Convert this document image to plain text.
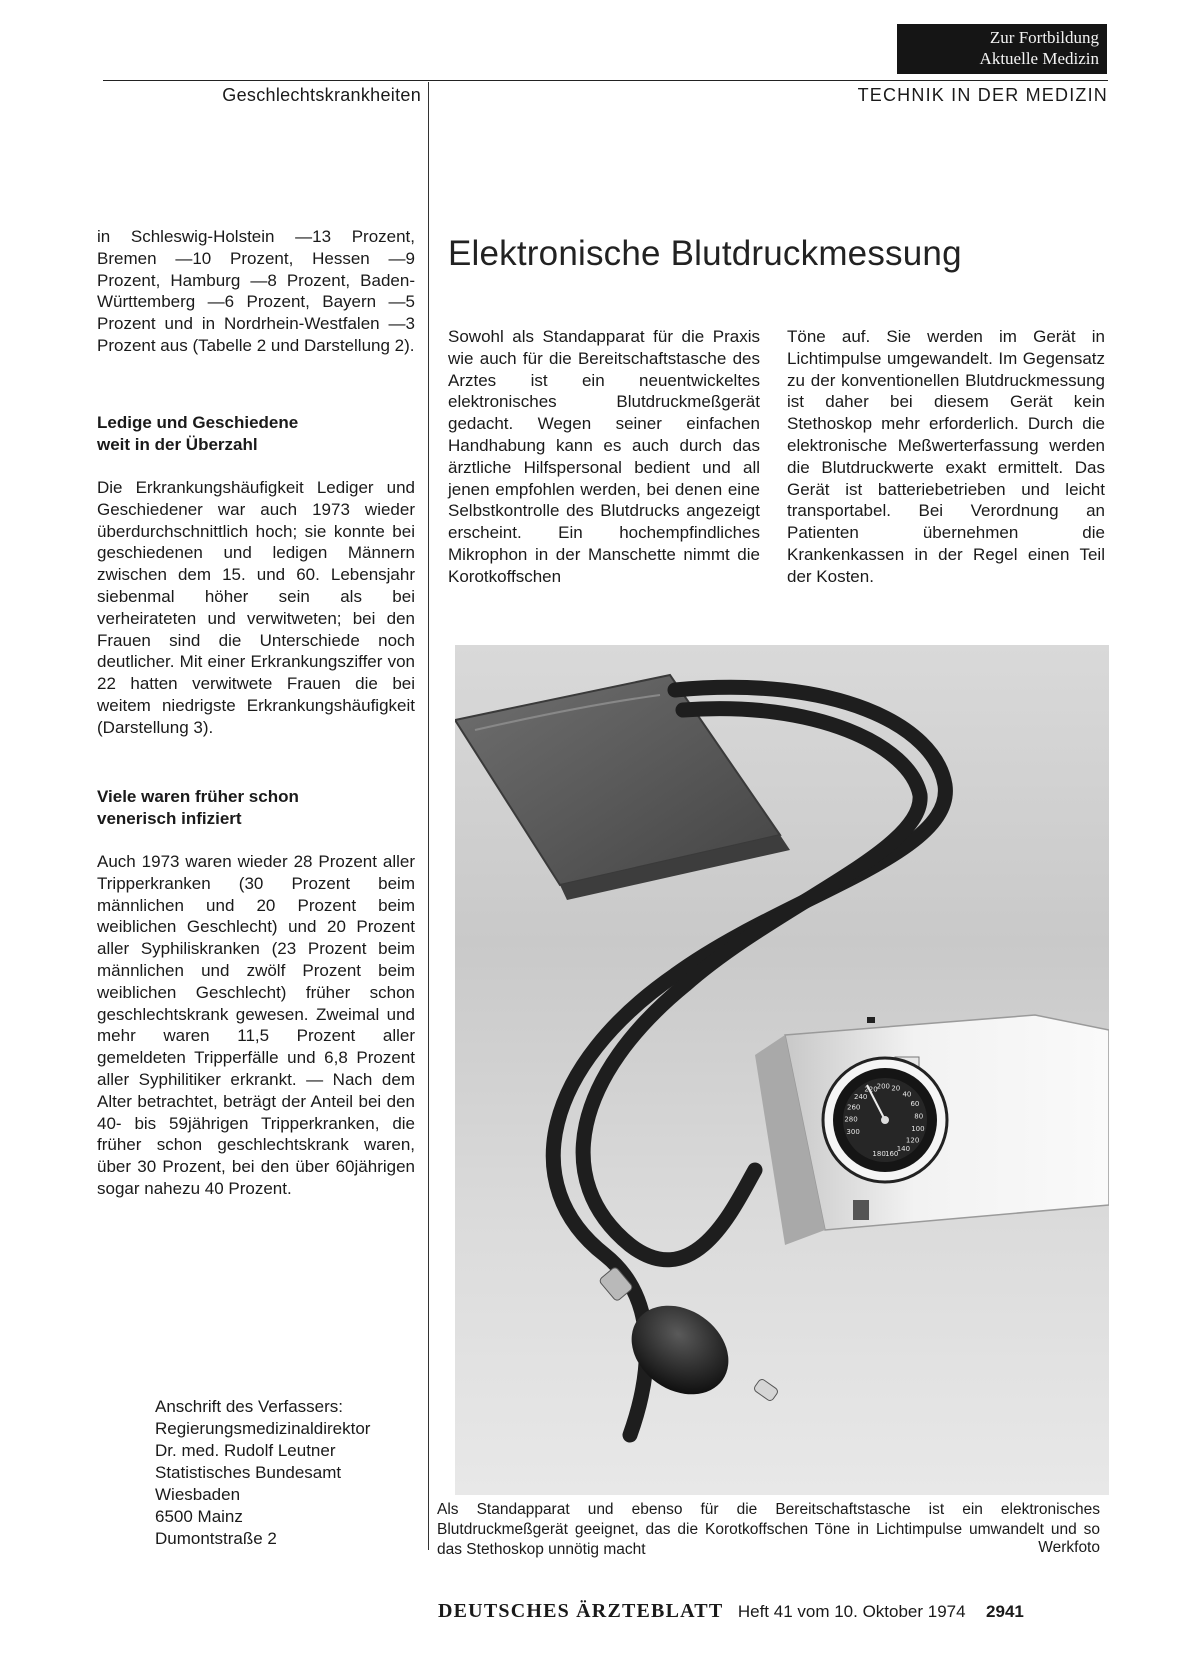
Zur Fortbildung
Aktuelle Medizin
Geschlechtskrankheiten	TECHNIK IN DER MEDIZIN

in Schleswig-Holstein —13 Prozent, Bremen —10 Prozent, Hessen —9 Prozent, Hamburg —8 Prozent, Baden-Württemberg —6 Prozent, Bayern —5 Prozent und in Nordrhein-Westfalen —3 Prozent aus (Tabelle 2 und Darstellung 2).

Ledige und Geschiedene
weit in der Überzahl

Die Erkrankungshäufigkeit Lediger und Geschiedener war auch 1973 wieder überdurchschnittlich hoch; sie konnte bei geschiedenen und ledigen Männern zwischen dem 15. und 60. Lebensjahr siebenmal höher sein als bei verheirateten und verwitweten; bei den Frauen sind die Unterschiede noch deutlicher. Mit einer Erkrankungsziffer von 22 hatten verwitwete Frauen die bei weitem niedrigste Erkrankungshäufigkeit (Darstellung 3).

Viele waren früher schon
venerisch infiziert

Auch 1973 waren wieder 28 Prozent aller Tripperkranken (30 Prozent beim männlichen und 20 Prozent beim weiblichen Geschlecht) und 20 Prozent aller Syphiliskranken (23 Prozent beim männlichen und zwölf Prozent beim weiblichen Geschlecht) früher schon geschlechtskrank gewesen. Zweimal und mehr waren 11,5 Prozent aller gemeldeten Tripperfälle und 6,8 Prozent aller Syphilitiker erkrankt. — Nach dem Alter betrachtet, beträgt der Anteil bei den 40- bis 59jährigen Tripperkranken, die früher schon geschlechtskrank waren, über 30 Prozent, bei den über 60jährigen sogar nahezu 40 Prozent.

Anschrift des Verfassers:
Regierungsmedizinaldirektor
Dr. med. Rudolf Leutner
Statistisches Bundesamt
Wiesbaden
6500 Mainz
Dumontstraße 2
Elektronische Blutdruckmessung

Sowohl als Standapparat für die Praxis wie auch für die Bereitschaftstasche des Arztes ist ein neuentwickeltes elektronisches Blutdruckmeßgerät gedacht. Wegen seiner einfachen Handhabung kann es auch durch das ärztliche Hilfspersonal bedient und all jenen empfohlen werden, bei denen eine Selbstkontrolle des Blutdrucks angezeigt erscheint. Ein hochempfindliches Mikrophon in der Manschette nimmt die Korotkoffschen

Töne auf. Sie werden im Gerät in Lichtimpulse umgewandelt. Im Gegensatz zu der konventionellen Blutdruckmessung ist daher bei diesem Gerät kein Stethoskop mehr erforderlich. Durch die elektronische Meßwerterfassung werden die Blutdruckwerte exakt ermittelt. Das Gerät ist batteriebetrieben und leicht transportabel. Bei Verordnung an Patienten übernehmen die Krankenkassen in der Regel einen Teil der Kosten.

300
280
260
240
220
200 20
40
60
80
100
120
140
160
180
Als Standapparat und ebenso für die Bereitschaftstasche ist ein elektronisches Blutdruckmeßgerät geeignet, das die Korotkoffschen Töne in Lichtimpulse umwandelt und so das Stethoskop unnötig macht	Werkfoto
DEUTSCHES ÄRZTEBLATT Heft 41 vom 10. Oktober 1974 2941
